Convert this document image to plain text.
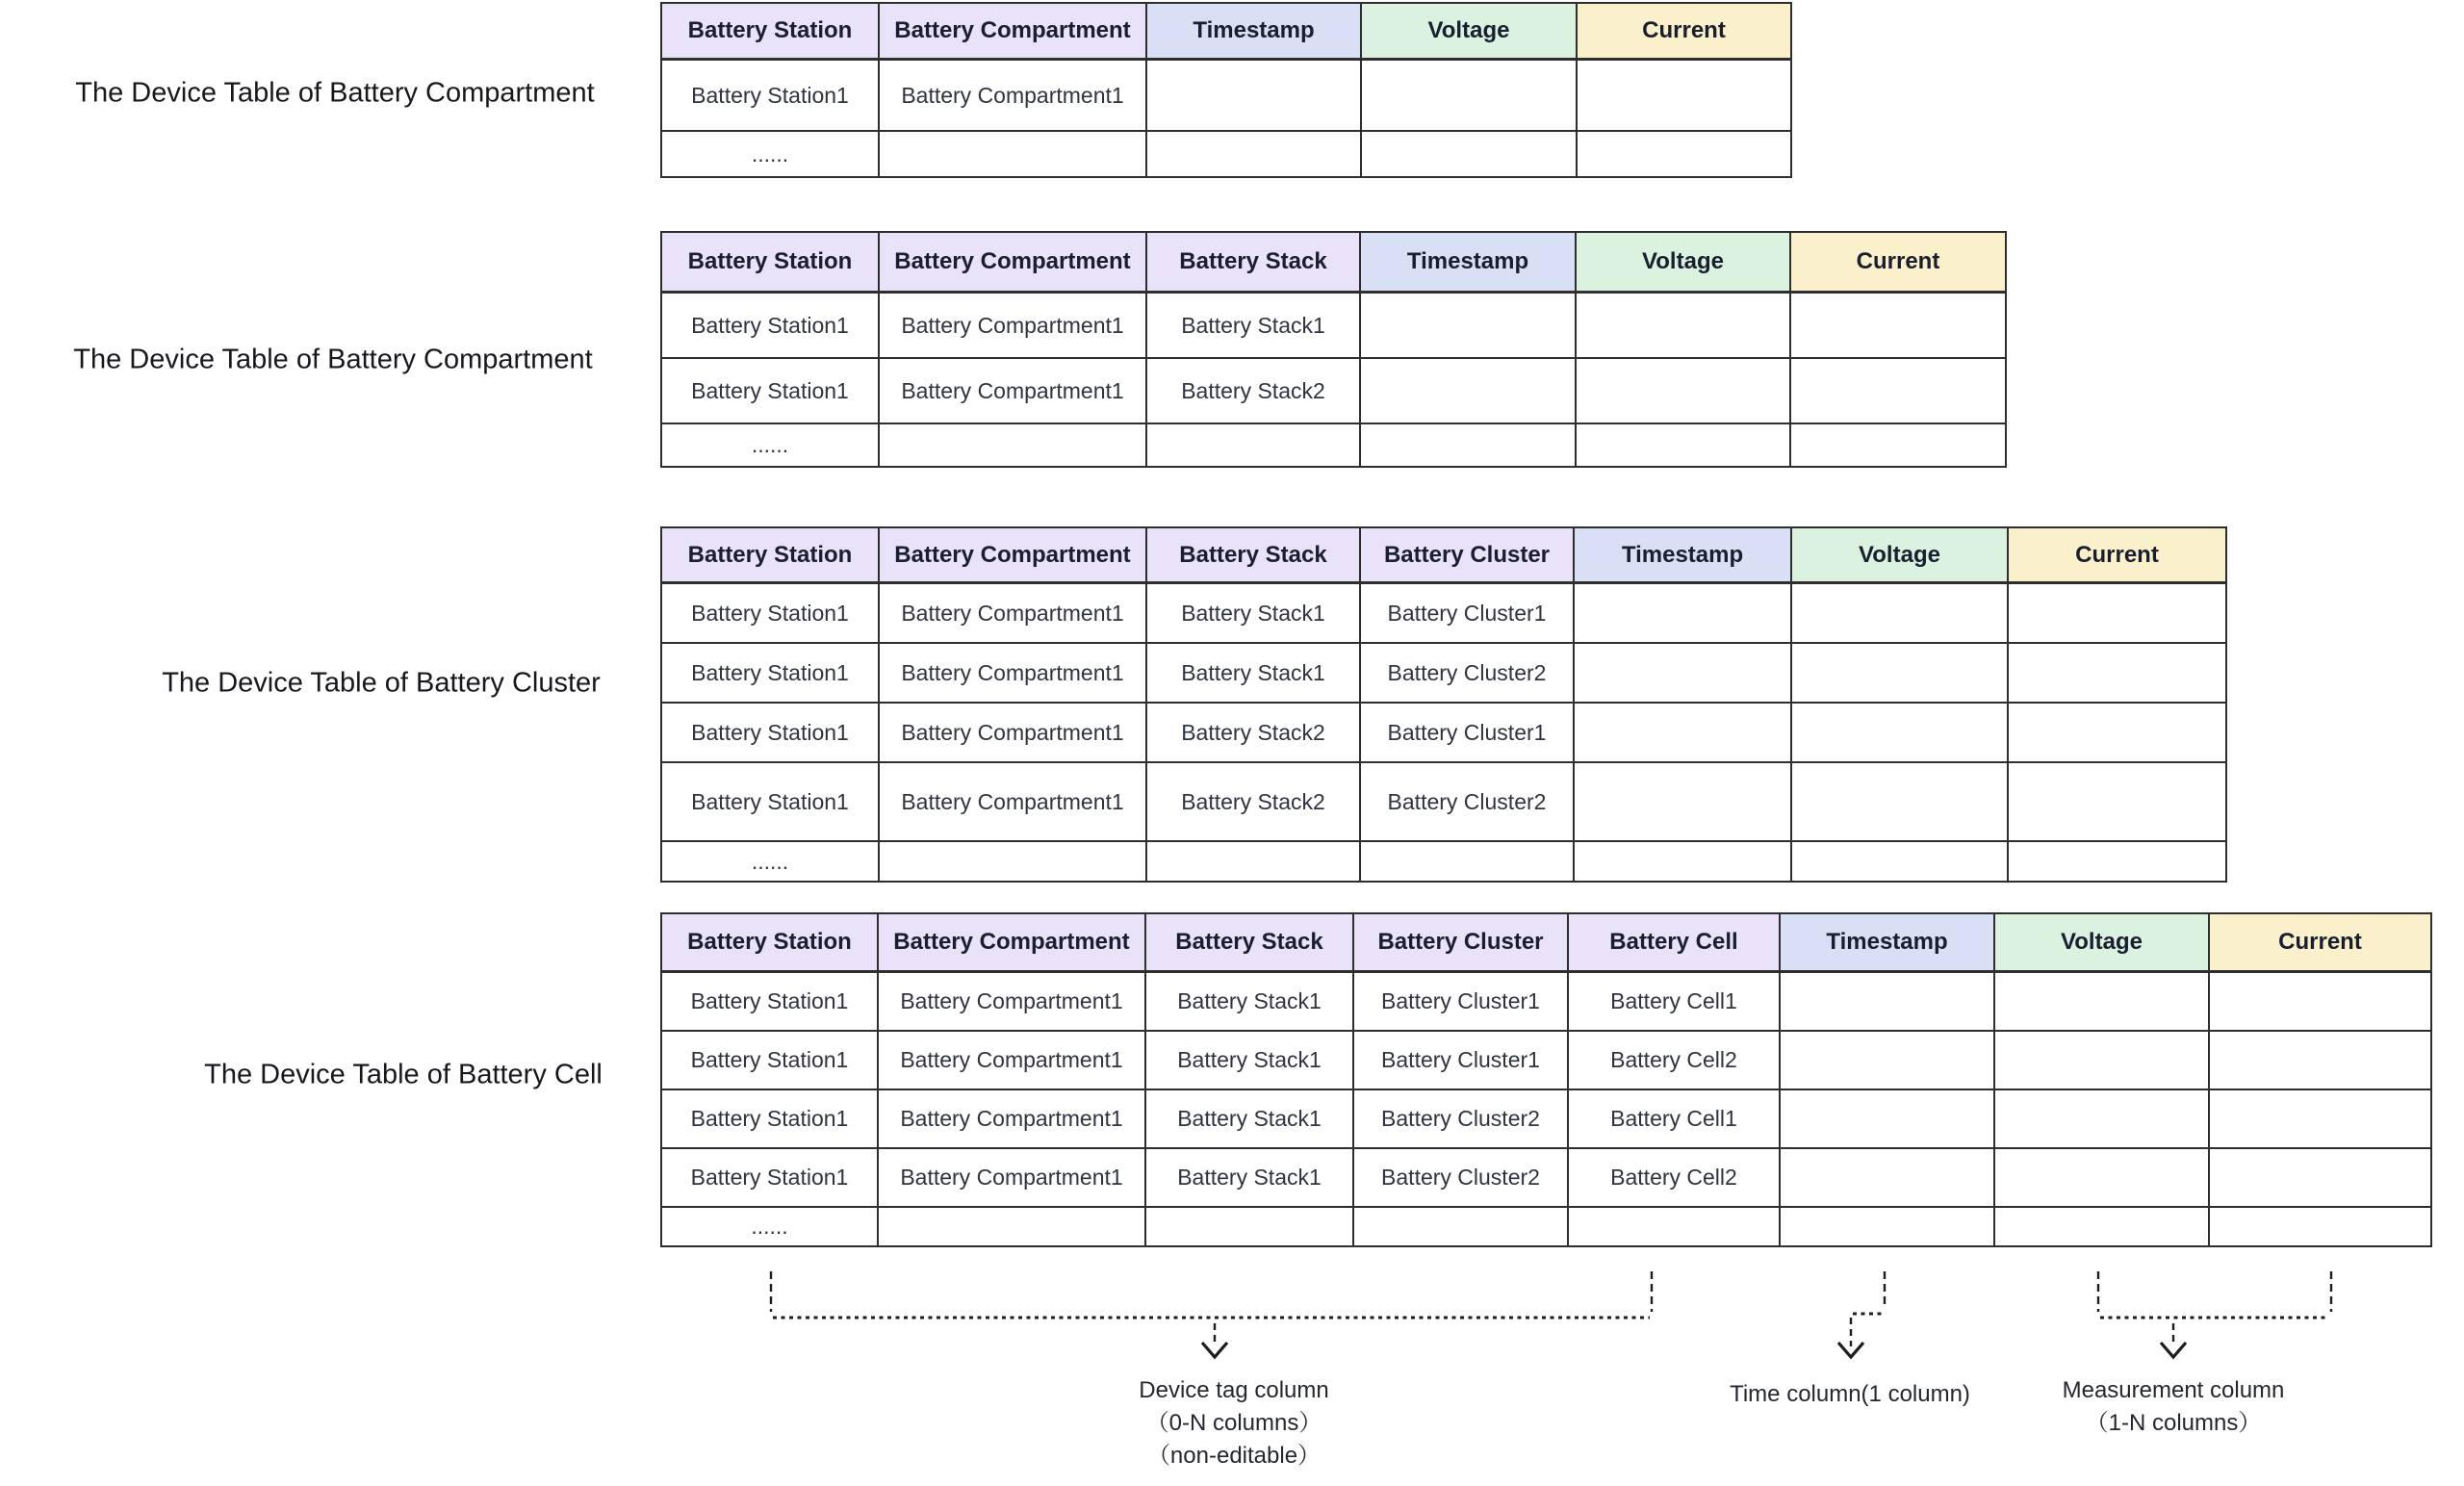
The Device Table of Battery Compartment
The Device Table of Battery Compartment
The Device Table of Battery Cluster
The Device Table of Battery Cell
Battery Station	Battery Compartment	Timestamp	Voltage	Current
Battery Station1	Battery Compartment1			
......				
Battery Station	Battery Compartment	Battery Stack	Timestamp	Voltage	Current
Battery Station1	Battery Compartment1	Battery Stack1			
Battery Station1	Battery Compartment1	Battery Stack2			
......					
Battery Station	Battery Compartment	Battery Stack	Battery Cluster	Timestamp	Voltage	Current
Battery Station1	Battery Compartment1	Battery Stack1	Battery Cluster1			
Battery Station1	Battery Compartment1	Battery Stack1	Battery Cluster2			
Battery Station1	Battery Compartment1	Battery Stack2	Battery Cluster1			
Battery Station1	Battery Compartment1	Battery Stack2	Battery Cluster2			
......						
Battery Station	Battery Compartment	Battery Stack	Battery Cluster	Battery Cell	Timestamp	Voltage	Current
Battery Station1	Battery Compartment1	Battery Stack1	Battery Cluster1	Battery Cell1			
Battery Station1	Battery Compartment1	Battery Stack1	Battery Cluster1	Battery Cell2			
Battery Station1	Battery Compartment1	Battery Stack1	Battery Cluster2	Battery Cell1			
Battery Station1	Battery Compartment1	Battery Stack1	Battery Cluster2	Battery Cell2			
......							
Device tag column
（0-N columns）
（non-editable）
Time column(1 column)	Measurement column
（1-N columns）
